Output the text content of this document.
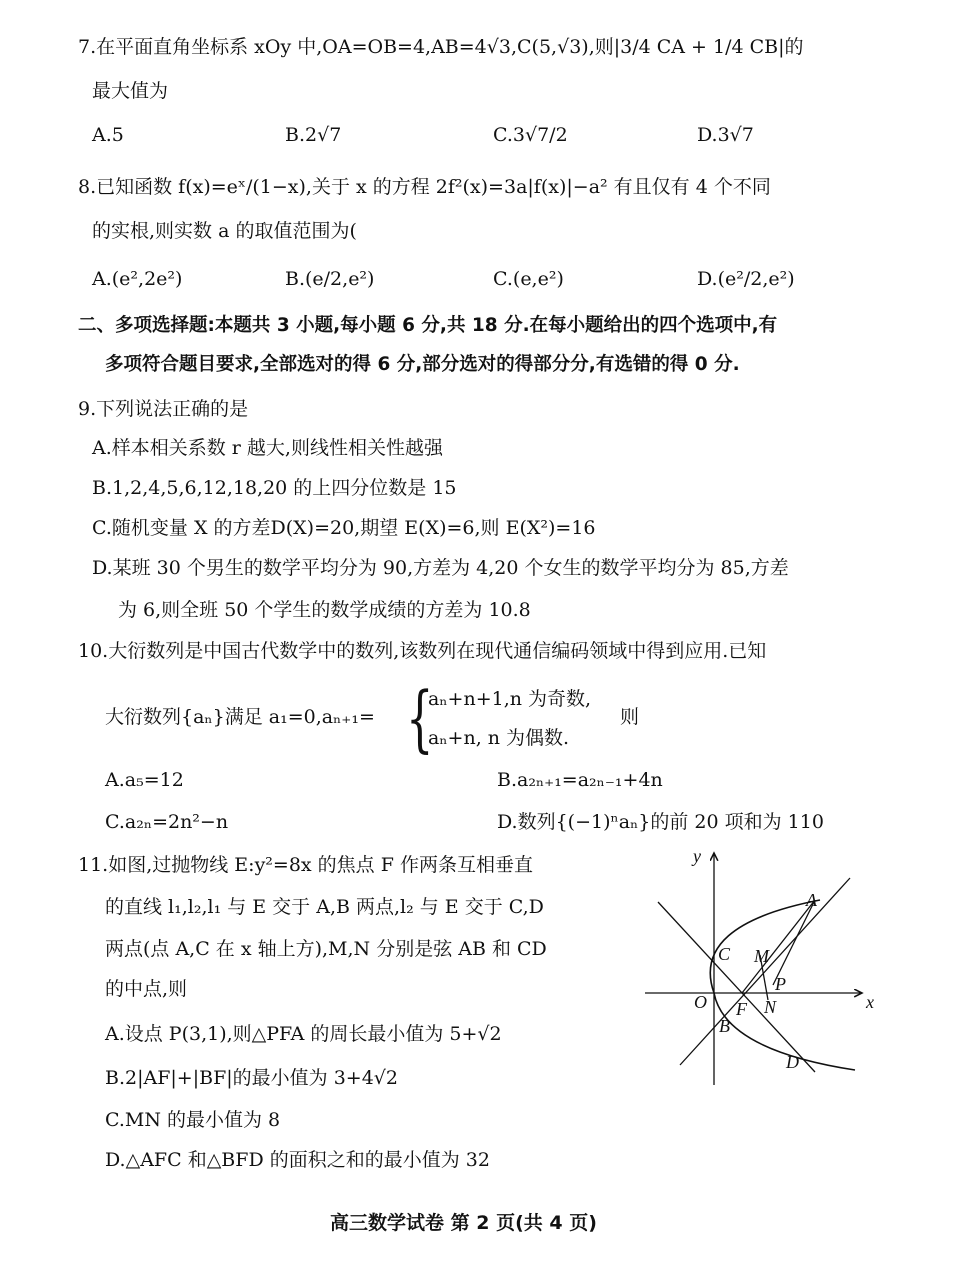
7.在平面直角坐标系 xOy 中,OA=OB=4,AB=4√3,C(5,√3),则|3/4 CA + 1/4 CB|的
最大值为
A.5	B.2√7	C.3√7/2	D.3√7
8.已知函数 f(x)=eˣ/(1−x),关于 x 的方程 2f²(x)=3a|f(x)|−a² 有且仅有 4 个不同
的实根,则实数 a 的取值范围为(
A.(e²,2e²)	B.(e/2,e²)	C.(e,e²)	D.(e²/2,e²)
二、多项选择题:本题共 3 小题,每小题 6 分,共 18 分.在每小题给出的四个选项中,有
多项符合题目要求,全部选对的得 6 分,部分选对的得部分分,有选错的得 0 分.
9.下列说法正确的是
A.样本相关系数 r 越大,则线性相关性越强
B.1,2,4,5,6,12,18,20 的上四分位数是 15
C.随机变量 X 的方差D(X)=20,期望 E(X)=6,则 E(X²)=16
D.某班 30 个男生的数学平均分为 90,方差为 4,20 个女生的数学平均分为 85,方差
为 6,则全班 50 个学生的数学成绩的方差为 10.8
10.大衍数列是中国古代数学中的数列,该数列在现代通信编码领域中得到应用.已知
大衍数列{aₙ}满足 a₁=0,aₙ₊₁= {
aₙ+n+1,n 为奇数,
aₙ+n, n 为偶数.
则
A.a₅=12	B.a₂ₙ₊₁=a₂ₙ₋₁+4n
C.a₂ₙ=2n²−n	D.数列{(−1)ⁿaₙ}的前 20 项和为 110
11.如图,过抛物线 E:y²=8x 的焦点 F 作两条互相垂直
的直线 l₁,l₂,l₁ 与 E 交于 A,B 两点,l₂ 与 E 交于 C,D
两点(点 A,C 在 x 轴上方),M,N 分别是弦 AB 和 CD
的中点,则
A.设点 P(3,1),则△PFA 的周长最小值为 5+√2
B.2|AF|+|BF|的最小值为 3+4√2
C.MN 的最小值为 8
D.△AFC 和△BFD 的面积之和的最小值为 32
y
x
O
A
C M
P
F N
B
D
高三数学试卷 第 2 页(共 4 页)
